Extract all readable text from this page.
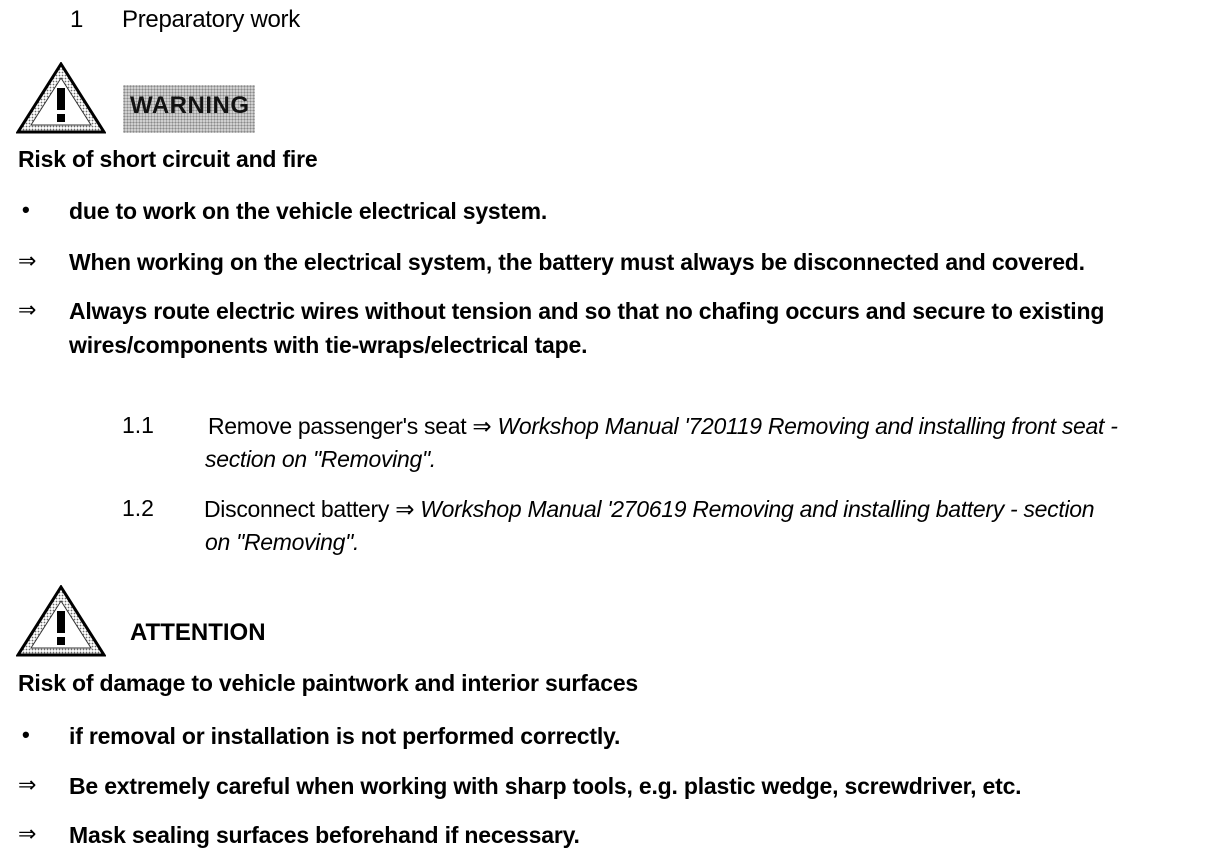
1 Preparatory work
WARNING
Risk of short circuit and fire
• due to work on the vehicle electrical system.
⇒ When working on the electrical system, the battery must always be disconnected and covered.
⇒ Always route electric wires without tension and so that no chafing occurs and secure to existing
wires/components with tie-wraps/electrical tape.
1.1 Remove passenger's seat ⇒ Workshop Manual '720119 Removing and installing front seat -
section on "Removing".
1.2 Disconnect battery ⇒ Workshop Manual '270619 Removing and installing battery - section
on "Removing".
ATTENTION
Risk of damage to vehicle paintwork and interior surfaces
• if removal or installation is not performed correctly.
⇒ Be extremely careful when working with sharp tools, e.g. plastic wedge, screwdriver, etc.
⇒ Mask sealing surfaces beforehand if necessary.
